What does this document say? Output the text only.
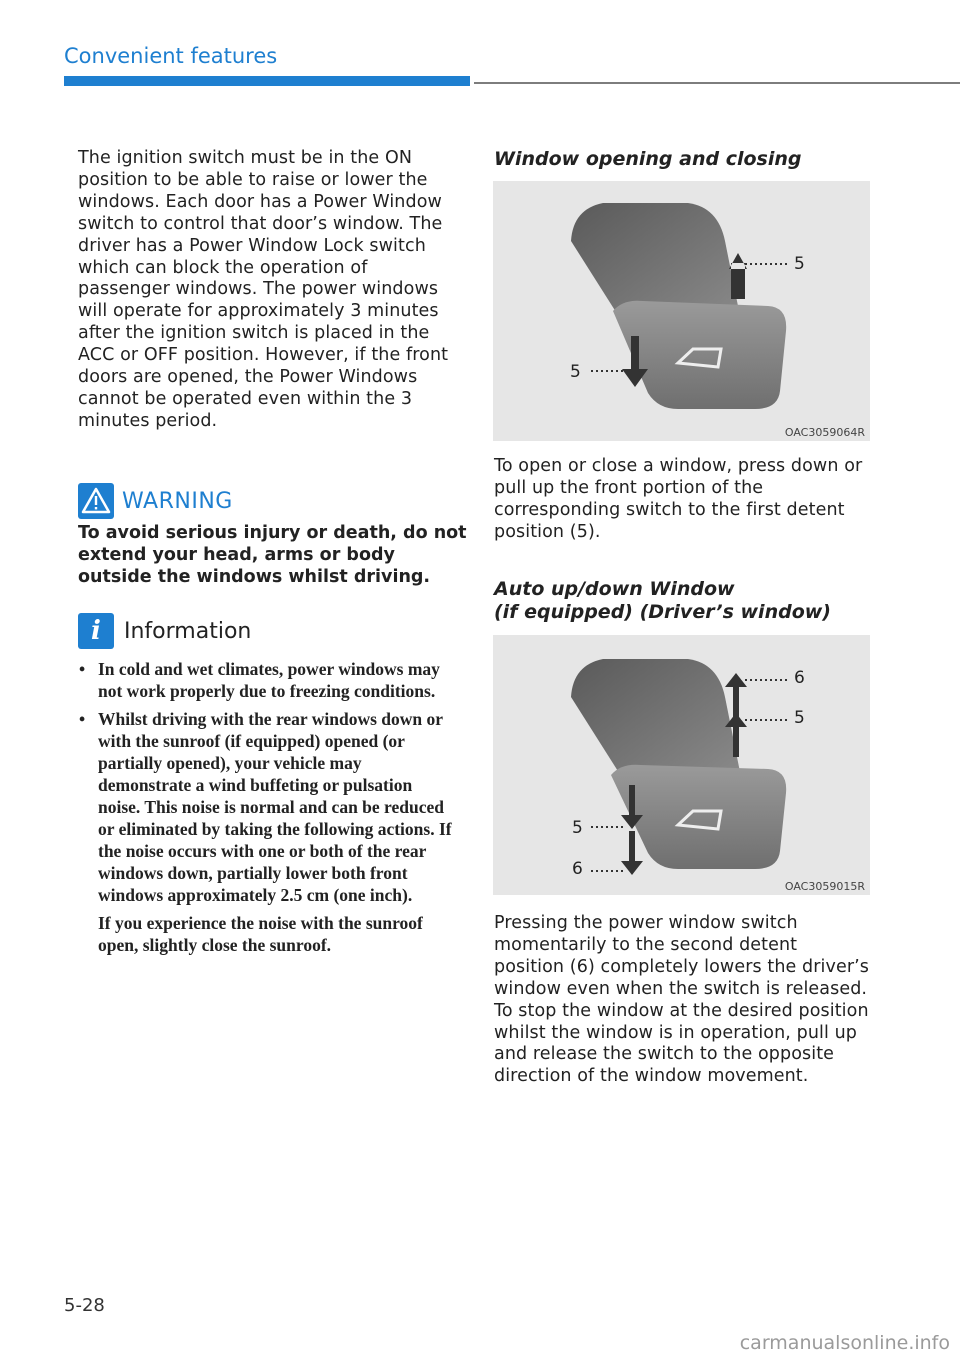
Convenient features

The ignition switch must be in the ON position to be able to raise or lower the windows. Each door has a Power Window switch to control that door’s window. The driver has a Power Window Lock switch which can block the operation of passenger windows. The power windows will operate for approximately 3 minutes after the ignition switch is placed in the ACC or OFF position. However, if the front doors are opened, the Power Windows cannot be operated even within the 3 minutes period.

WARNING

To avoid serious injury or death, do not extend your head, arms or body outside the windows whilst driving.

i	Information
• In cold and wet climates, power windows may not work properly due to freezing conditions.

• Whilst driving with the rear windows down or with the sunroof (if equipped) opened (or partially opened), your vehicle may demonstrate a wind buffeting or pulsation noise. This noise is normal and can be reduced or eliminated by taking the following actions. If the noise occurs with one or both of the rear windows down, partially lower both front windows approximately 2.5 cm (one inch).

If you experience the noise with the sunroof open, slightly close the sunroof.

Window opening and closing

5
5
OAC3059064R

To open or close a window, press down or pull up the front portion of the corresponding switch to the first detent position (5).

Auto up/down Window

(if equipped) (Driver’s window)

6
5
5
6
OAC3059015R

Pressing the power window switch momentarily to the second detent position (6) completely lowers the driver’s window even when the switch is released. To stop the window at the desired position whilst the window is in operation, pull up and release the switch to the opposite direction of the window movement.

5-28
carmanualsonline.info
